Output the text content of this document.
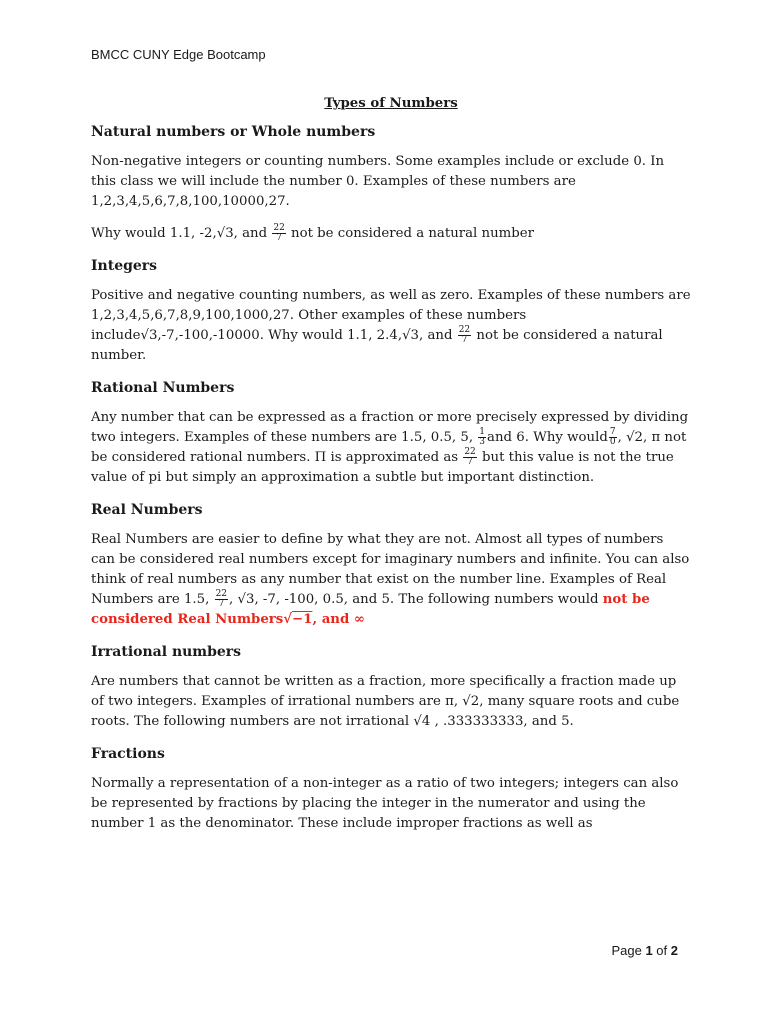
BMCC CUNY Edge Bootcamp
Types of Numbers
Natural numbers or Whole numbers

Non-negative integers or counting numbers. Some examples include or exclude 0. In this class we will include the number 0. Examples of these numbers are 1,2,3,4,5,6,7,8,100,10000,27.

Why would 1.1, -2,√3, and $\frac{22}{7}$ not be considered a natural number

Integers

Positive and negative counting numbers, as well as zero. Examples of these numbers are 1,2,3,4,5,6,7,8,9,100,1000,27. Other examples of these numbers include√3,-7,-100,-10000. Why would 1.1, 2.4,√3, and $\frac{22}{7}$ not be considered a natural number.

Rational Numbers

Any number that can be expressed as a fraction or more precisely expressed by dividing two integers. Examples of these numbers are 1.5, 0.5, 5, $\frac{1}{3}$ and 6. Why would $\frac{7}{0}$ , √2, π not be considered rational numbers. Π is approximated as $\frac{22}{7}$ but this value is not the true value of pi but simply an approximation a subtle but important distinction.

Real Numbers

Real Numbers are easier to define by what they are not. Almost all types of numbers can be considered real numbers except for imaginary numbers and infinite. You can also think of real numbers as any number that exist on the number line. Examples of Real Numbers are 1.5, $\frac{22}{7}$ , √3, -7, -100, 0.5, and 5. The following numbers would not be considered Real Numbers√−1, and ∞

Irrational numbers

Are numbers that cannot be written as a fraction, more specifically a fraction made up of two integers. Examples of irrational numbers are π, √2, many square roots and cube roots. The following numbers are not irrational √4 , .333333333, and 5.

Fractions

Normally a representation of a non-integer as a ratio of two integers; integers can also be represented by fractions by placing the integer in the numerator and using the number 1 as the denominator. These include improper fractions as well as

Page 1 of 2
